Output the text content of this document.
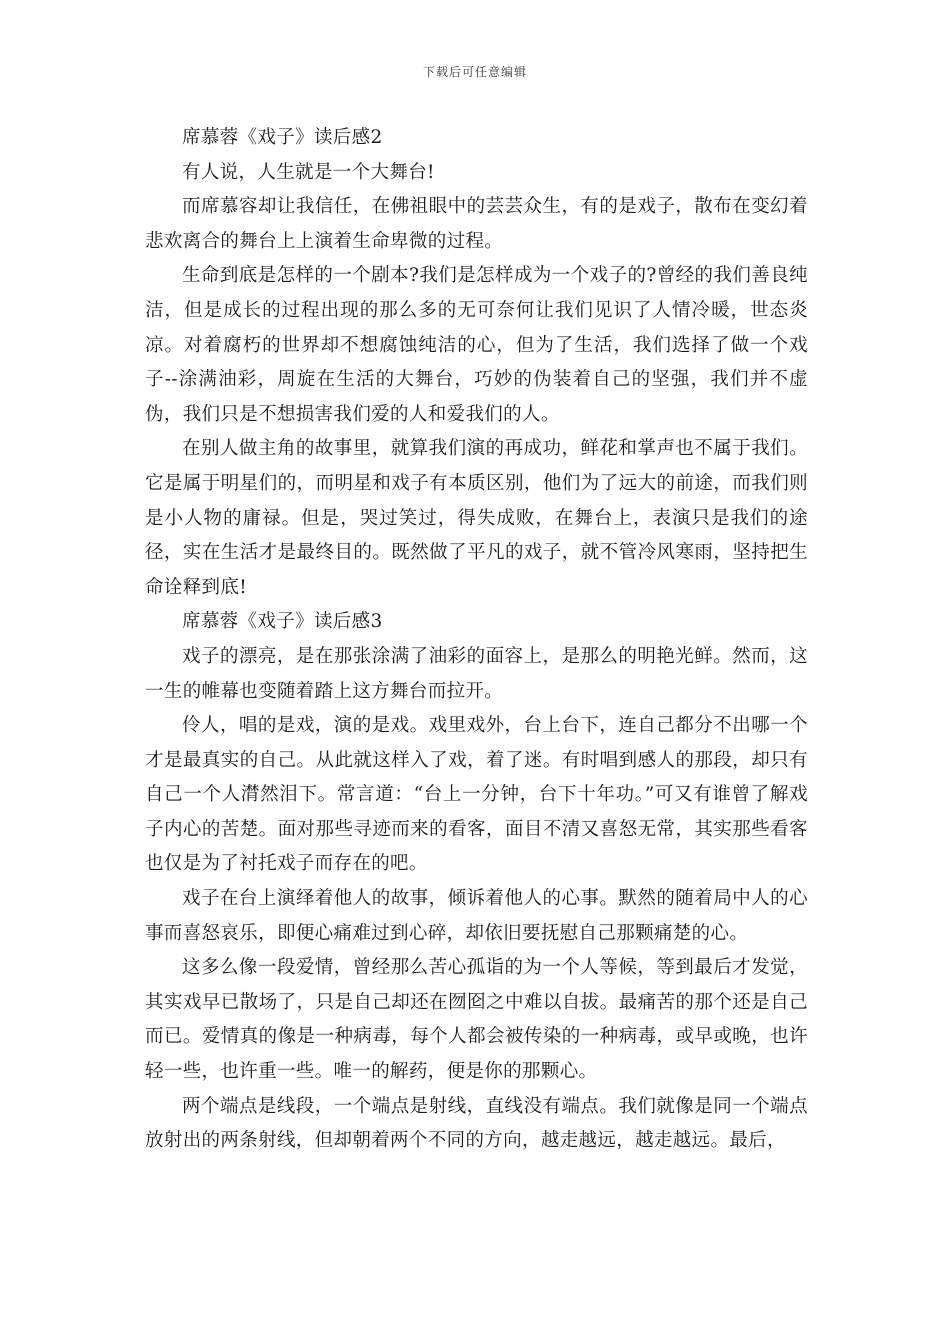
下载后可任意编辑

席慕蓉《戏子》读后感2

有人说，人生就是一个大舞台!

而席慕容却让我信任，在佛祖眼中的芸芸众生，有的是戏子，散布在变幻着悲欢离合的舞台上上演着生命卑微的过程。

生命到底是怎样的一个剧本?我们是怎样成为一个戏子的?曾经的我们善良纯洁，但是成长的过程出现的那么多的无可奈何让我们见识了人情冷暖，世态炎凉。对着腐朽的世界却不想腐蚀纯洁的心，但为了生活，我们选择了做一个戏子--涂满油彩，周旋在生活的大舞台，巧妙的伪装着自己的坚强，我们并不虚伪，我们只是不想损害我们爱的人和爱我们的人。

在别人做主角的故事里，就算我们演的再成功，鲜花和掌声也不属于我们。它是属于明星们的，而明星和戏子有本质区别，他们为了远大的前途，而我们则是小人物的庸禄。但是，哭过笑过，得失成败，在舞台上，表演只是我们的途径，实在生活才是最终目的。既然做了平凡的戏子，就不管冷风寒雨，坚持把生命诠释到底!

席慕蓉《戏子》读后感3

戏子的漂亮，是在那张涂满了油彩的面容上，是那么的明艳光鲜。然而，这一生的帷幕也变随着踏上这方舞台而拉开。

伶人，唱的是戏，演的是戏。戏里戏外，台上台下，连自己都分不出哪一个才是最真实的自己。从此就这样入了戏，着了迷。有时唱到感人的那段，却只有自己一个人潸然泪下。常言道：“台上一分钟，台下十年功。”可又有谁曾了解戏子内心的苦楚。面对那些寻迹而来的看客，面目不清又喜怒无常，其实那些看客也仅是为了衬托戏子而存在的吧。

戏子在台上演绎着他人的故事，倾诉着他人的心事。默然的随着局中人的心事而喜怒哀乐，即便心痛难过到心碎，却依旧要抚慰自己那颗痛楚的心。

这多么像一段爱情，曾经那么苦心孤诣的为一个人等候，等到最后才发觉，其实戏早已散场了，只是自己却还在囫囵之中难以自拔。最痛苦的那个还是自己而已。爱情真的像是一种病毒，每个人都会被传染的一种病毒，或早或晚，也许轻一些，也许重一些。唯一的解药，便是你的那颗心。

两个端点是线段，一个端点是射线，直线没有端点。我们就像是同一个端点放射出的两条射线，但却朝着两个不同的方向，越走越远，越走越远。最后，
